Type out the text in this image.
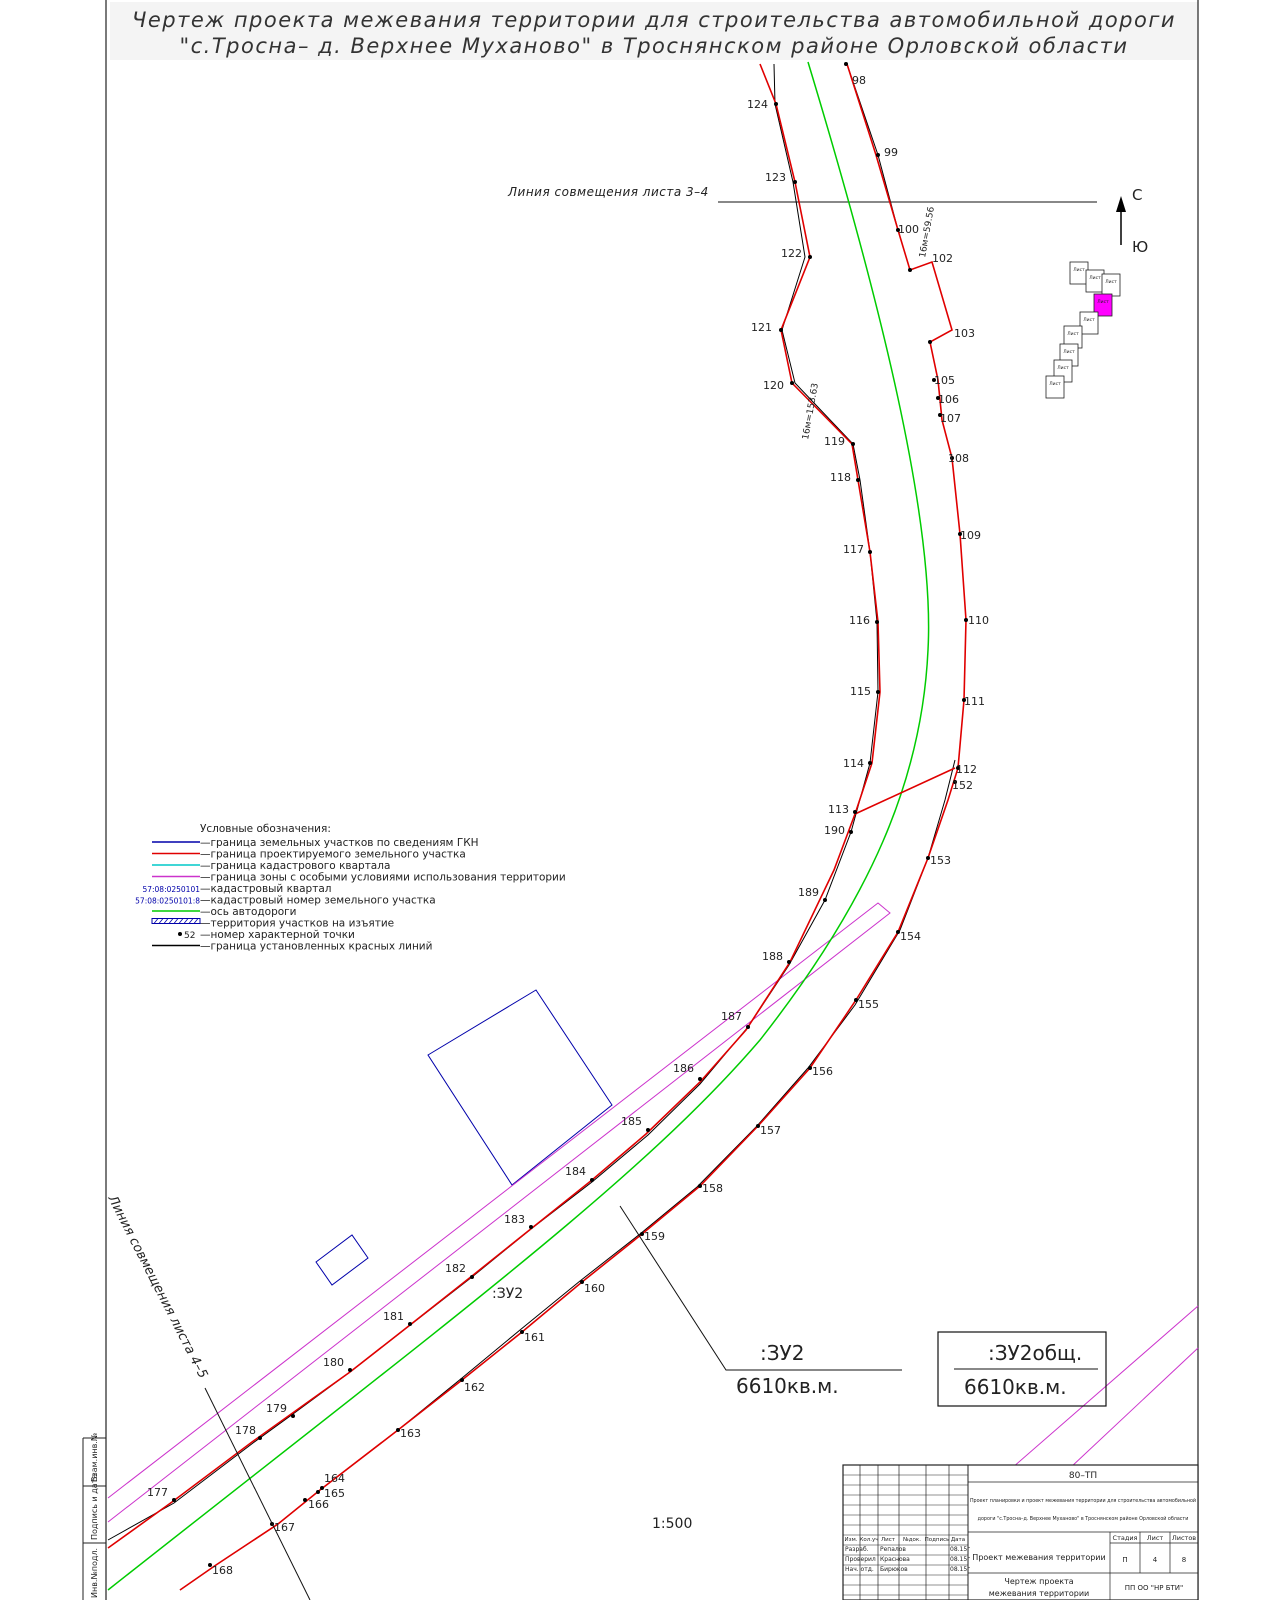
Чертеж проекта межевания территории для строительства автомобильной дороги
"с.Тросна– д. Верхнее Муханово" в Троснянском районе Орловской области
Взам.инв.№
Подпись и дата
Инв.№подл.
Линия совмещения листа 3–4	С
Ю
Лист
Лист
Лист
Лист
Лист
Лист
Лист
Лист
Лист
98
99
100
102
103
105
106
107
108
109
110
111
112
152
153
154
155
156
157
158
159
160
161
162
163
164
165
166
167
168
124
123
122
121
120
119
118
117
116
115
114
113
190
189
188
187
186
185
184
183
182
181
180
179
178
177
16м=59.56
16м=153.63
Линия совмещения листа 4–5	:ЗУ2
:ЗУ2
6610кв.м.
:ЗУ2общ.
6610кв.м.
1:500
Условные обозначения:
—граница земельных участков по сведениям ГКН
—граница проектируемого земельного участка
—граница кадастрового квартала
—граница зоны с особыми условиями использования территории
57:08:0250101 —кадастровый квартал
57:08:0250101:8 —кадастровый номер земельного участка
—ось автодороги
—территория участков на изъятие
52 —номер характерной точки
—граница установленных красных линий
80–ТП
Проект планировки и проект межевания территории для строительства автомобильной
дороги "с.Тросна–д. Верхнее Муханово" в Троснянском районе Орловской области
Изм. Кол.уч Лист №док. Подпись Дата
Разраб. Репалов	08.15г
Проверил Краснова	08.15г
Нач. отд. Бирюков	08.15г
Проект межевания территории
Стадия Лист Листов
П	4	8
Чертеж проекта
межевания территории
ПП ОО "НР БТИ"
